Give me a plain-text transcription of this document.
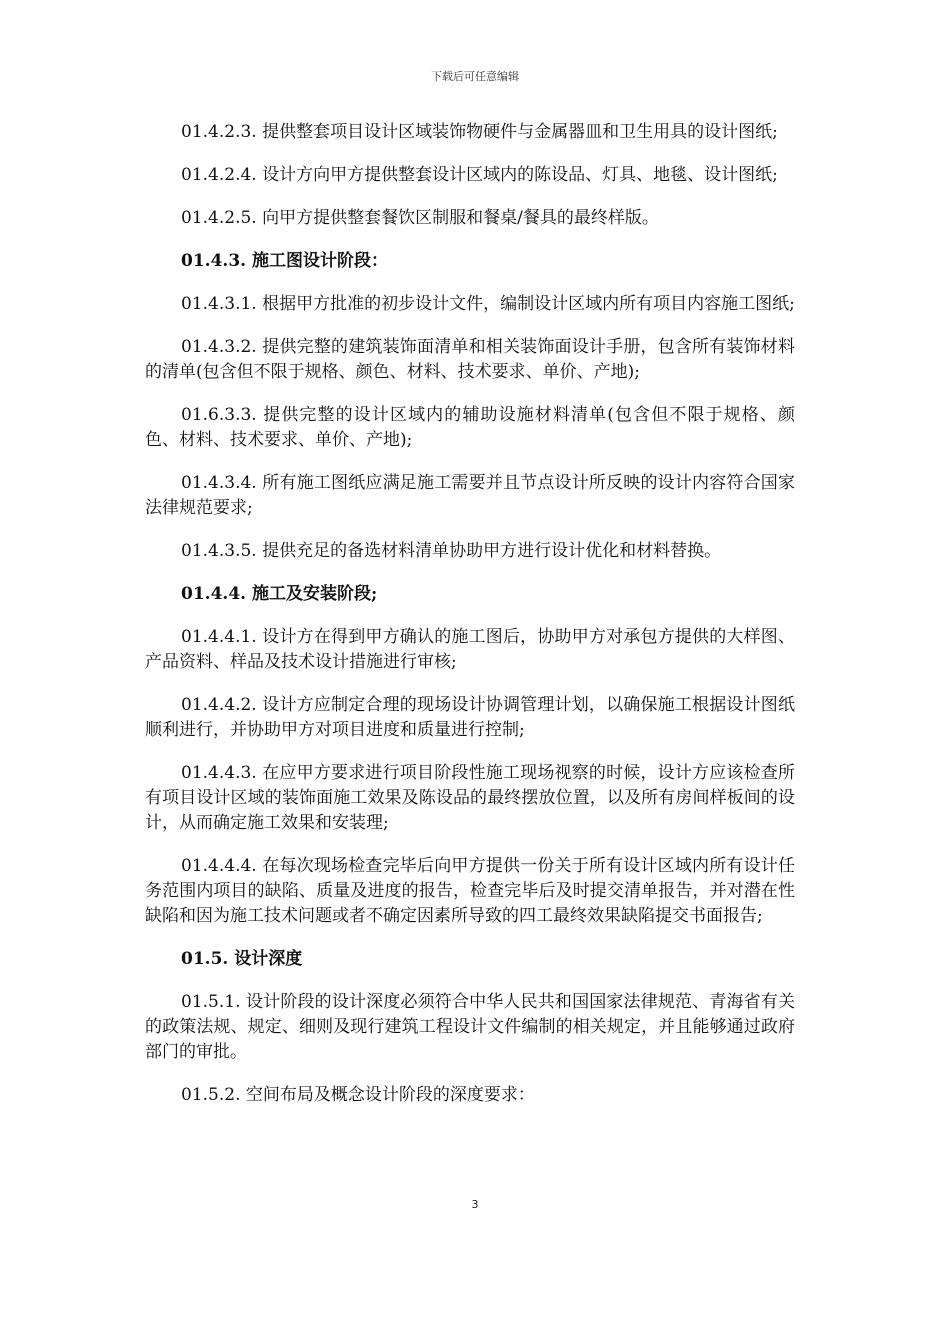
下载后可任意编辑

01.4.2.3. 提供整套项目设计区域装饰物硬件与金属器皿和卫生用具的设计图纸;

01.4.2.4. 设计方向甲方提供整套设计区域内的陈设品、灯具、地毯、设计图纸;

01.4.2.5. 向甲方提供整套餐饮区制服和餐桌/餐具的最终样版。

01.4.3. 施工图设计阶段：

01.4.3.1. 根据甲方批准的初步设计文件，编制设计区域内所有项目内容施工图纸;

01.4.3.2. 提供完整的建筑装饰面清单和相关装饰面设计手册，包含所有装饰材料的清单(包含但不限于规格、颜色、材料、技术要求、单价、产地);

01.6.3.3. 提供完整的设计区域内的辅助设施材料清单(包含但不限于规格、颜色、材料、技术要求、单价、产地);

01.4.3.4. 所有施工图纸应满足施工需要并且节点设计所反映的设计内容符合国家法律规范要求;

01.4.3.5. 提供充足的备选材料清单协助甲方进行设计优化和材料替换。

01.4.4. 施工及安装阶段;

01.4.4.1. 设计方在得到甲方确认的施工图后，协助甲方对承包方提供的大样图、产品资料、样品及技术设计措施进行审核;

01.4.4.2. 设计方应制定合理的现场设计协调管理计划，以确保施工根据设计图纸顺利进行，并协助甲方对项目进度和质量进行控制;

01.4.4.3. 在应甲方要求进行项目阶段性施工现场视察的时候，设计方应该检查所有项目设计区域的装饰面施工效果及陈设品的最终摆放位置，以及所有房间样板间的设计，从而确定施工效果和安装理;

01.4.4.4. 在每次现场检查完毕后向甲方提供一份关于所有设计区域内所有设计任务范围内项目的缺陷、质量及进度的报告，检查完毕后及时提交清单报告，并对潜在性缺陷和因为施工技术问题或者不确定因素所导致的四工最终效果缺陷提交书面报告;

01.5. 设计深度

01.5.1. 设计阶段的设计深度必须符合中华人民共和国国家法律规范、青海省有关的政策法规、规定、细则及现行建筑工程设计文件编制的相关规定，并且能够通过政府部门的审批。

01.5.2. 空间布局及概念设计阶段的深度要求：

3
